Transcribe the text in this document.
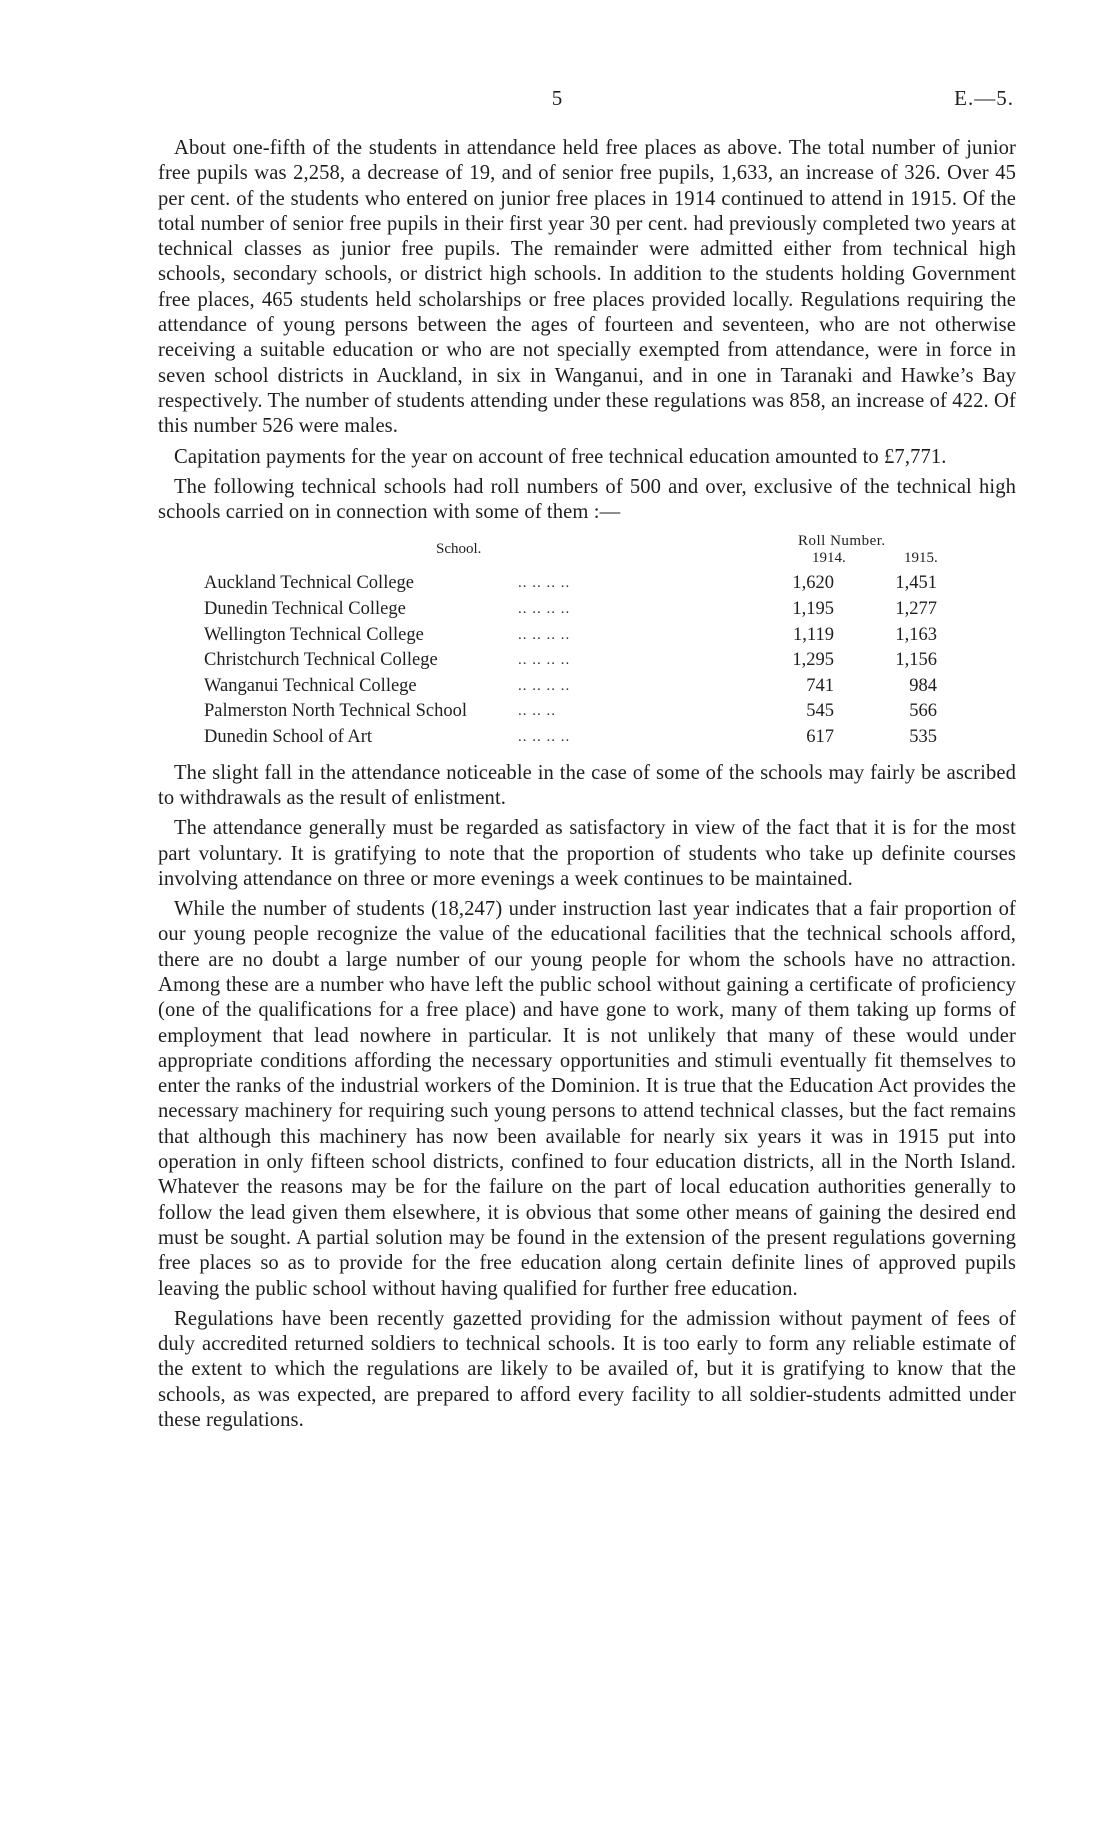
5	E.—5.

About one-fifth of the students in attendance held free places as above. The total number of junior free pupils was 2,258, a decrease of 19, and of senior free pupils, 1,633, an increase of 326. Over 45 per cent. of the students who entered on junior free places in 1914 continued to attend in 1915. Of the total number of senior free pupils in their first year 30 per cent. had previously completed two years at technical classes as junior free pupils. The remainder were admitted either from technical high schools, secondary schools, or district high schools. In addition to the students holding Government free places, 465 students held scholarships or free places provided locally. Regulations requiring the attendance of young persons between the ages of fourteen and seventeen, who are not otherwise receiving a suitable education or who are not specially exempted from attendance, were in force in seven school districts in Auckland, in six in Wanganui, and in one in Taranaki and Hawke’s Bay respectively. The number of students attending under these regulations was 858, an increase of 422. Of this number 526 were males.

Capitation payments for the year on account of free technical education amounted to £7,771.

The following technical schools had roll numbers of 500 and over, exclusive of the technical high schools carried on in connection with some of them :—

School.	Roll Number.
1914.	1915.
Auckland Technical College	.. .. .. ..	1,620	1,451
Dunedin Technical College	.. .. .. ..	1,195	1,277
Wellington Technical College	.. .. .. ..	1,119	1,163
Christchurch Technical College	.. .. .. ..	1,295	1,156
Wanganui Technical College	.. .. .. ..	741	984
Palmerston North Technical School	.. .. ..	545	566
Dunedin School of Art	.. .. .. ..	617	535

The slight fall in the attendance noticeable in the case of some of the schools may fairly be ascribed to withdrawals as the result of enlistment.

The attendance generally must be regarded as satisfactory in view of the fact that it is for the most part voluntary. It is gratifying to note that the proportion of students who take up definite courses involving attendance on three or more evenings a week continues to be maintained.

While the number of students (18,247) under instruction last year indicates that a fair proportion of our young people recognize the value of the educational facilities that the technical schools afford, there are no doubt a large number of our young people for whom the schools have no attraction. Among these are a number who have left the public school without gaining a certificate of proficiency (one of the qualifications for a free place) and have gone to work, many of them taking up forms of employment that lead nowhere in particular. It is not unlikely that many of these would under appropriate conditions affording the necessary opportunities and stimuli eventually fit themselves to enter the ranks of the industrial workers of the Dominion. It is true that the Education Act provides the necessary machinery for requiring such young persons to attend technical classes, but the fact remains that although this machinery has now been available for nearly six years it was in 1915 put into operation in only fifteen school districts, confined to four education districts, all in the North Island. Whatever the reasons may be for the failure on the part of local education authorities generally to follow the lead given them elsewhere, it is obvious that some other means of gaining the desired end must be sought. A partial solution may be found in the extension of the present regulations governing free places so as to provide for the free education along certain definite lines of approved pupils leaving the public school without having qualified for further free education.

Regulations have been recently gazetted providing for the admission without payment of fees of duly accredited returned soldiers to technical schools. It is too early to form any reliable estimate of the extent to which the regulations are likely to be availed of, but it is gratifying to know that the schools, as was expected, are prepared to afford every facility to all soldier-students admitted under these regulations.
